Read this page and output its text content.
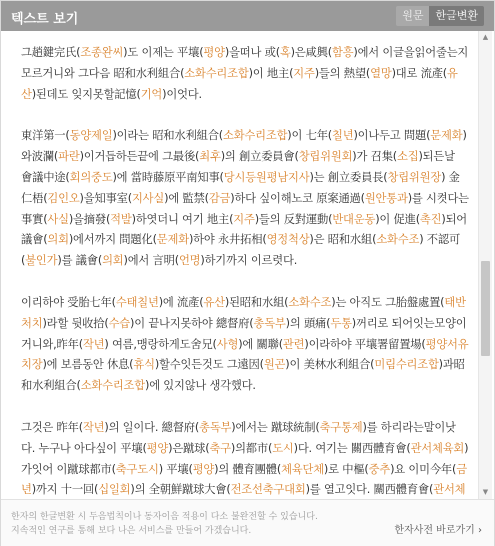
텍스트 보기	원문	한글변환

그趙鍵完氏(조종완씨)도 이제는 平壤(평양)을떠나 或(혹)은咸興(함흥)에서 이글을읽어줄는지모르거니와 그다음 昭和水利組合(소화수리조합)이 地主(지주)들의 熱望(열망)대로 流產(유산)된데도 잊지못할記憶(기억)이엇다.

東洋第一(동양제일)이라는 昭和水利組合(소화수리조합)이 七年(칠년)이나두고 問題(문제화)와波瀾(파란)이거듭하든끝에 그最後(최후)의 創立委員會(창립위원회)가 召集(소집)되든날 會議中途(회의중도)에 當時藤原平南知事(당시등원평남지사)는 創立委員長(창립위원장) 金仁梧(김인오)을知事室(지사실)에 監禁(감금)하다 싶이해노코 原案通過(원안통과)를 시켯다는 事實(사실)을摘發(적발)하엿더니 여기 地主(지주)들의 反對運動(반대운동)이 促進(촉진)되어 議會(의회)에서까지 問題化(문제화)하야 永井拓相(영정척상)은 昭和水組(소화수조) 不認可(불인가)를 議會(의회)에서 言明(언명)하기까지 이르렷다.

이리하야 受胎七年(수태칠년)에 流產(유산)된昭和水組(소화수조)는 아직도 그胎盤處置(태반처치)라할 뒷收拾(수습)이 끝나지못하야 總督府(총독부)의 頭痛(두통)꺼리로 되어잇는모양이거니와,昨年(작년) 여름,맹랑하게도舍兄(사형)에 關聯(관련)이라하야 平壤署留置場(평양서유치장)에 보름동안 休息(휴식)할수잇든것도 그遠因(원곤)이 美林水利組合(미림수리조합)과昭和水利組合(소화수리조합)에 있지않나 생각했다.

그것은 昨年(작년)의 일이다. 總督府(총독부)에서는 蹴球統制(축구통제)를 하리라는말이낫다. 누구나 아다싶이 平壤(평양)은蹴球(축구)의都市(도시)다. 여기는 關西體育會(관서체육회)가잇어 이蹴球都市(축구도시) 平壤(평양)의 體育團體(체육단체)로 中樞(중추)요 이미今年(금년)까지 十一回(십일회)의 全朝鮮蹴球大會(전조선축구대회)를 열고잇다. 關西體育會(관서체

▲
▼
한자의 한글변환 시 두음법칙이나 동자이음 적용이 다소 불완전할 수 있습니다.
지속적인 연구를 통해 보다 나은 서비스를 만들어 가겠습니다.	한자사전 바로가기 ›
